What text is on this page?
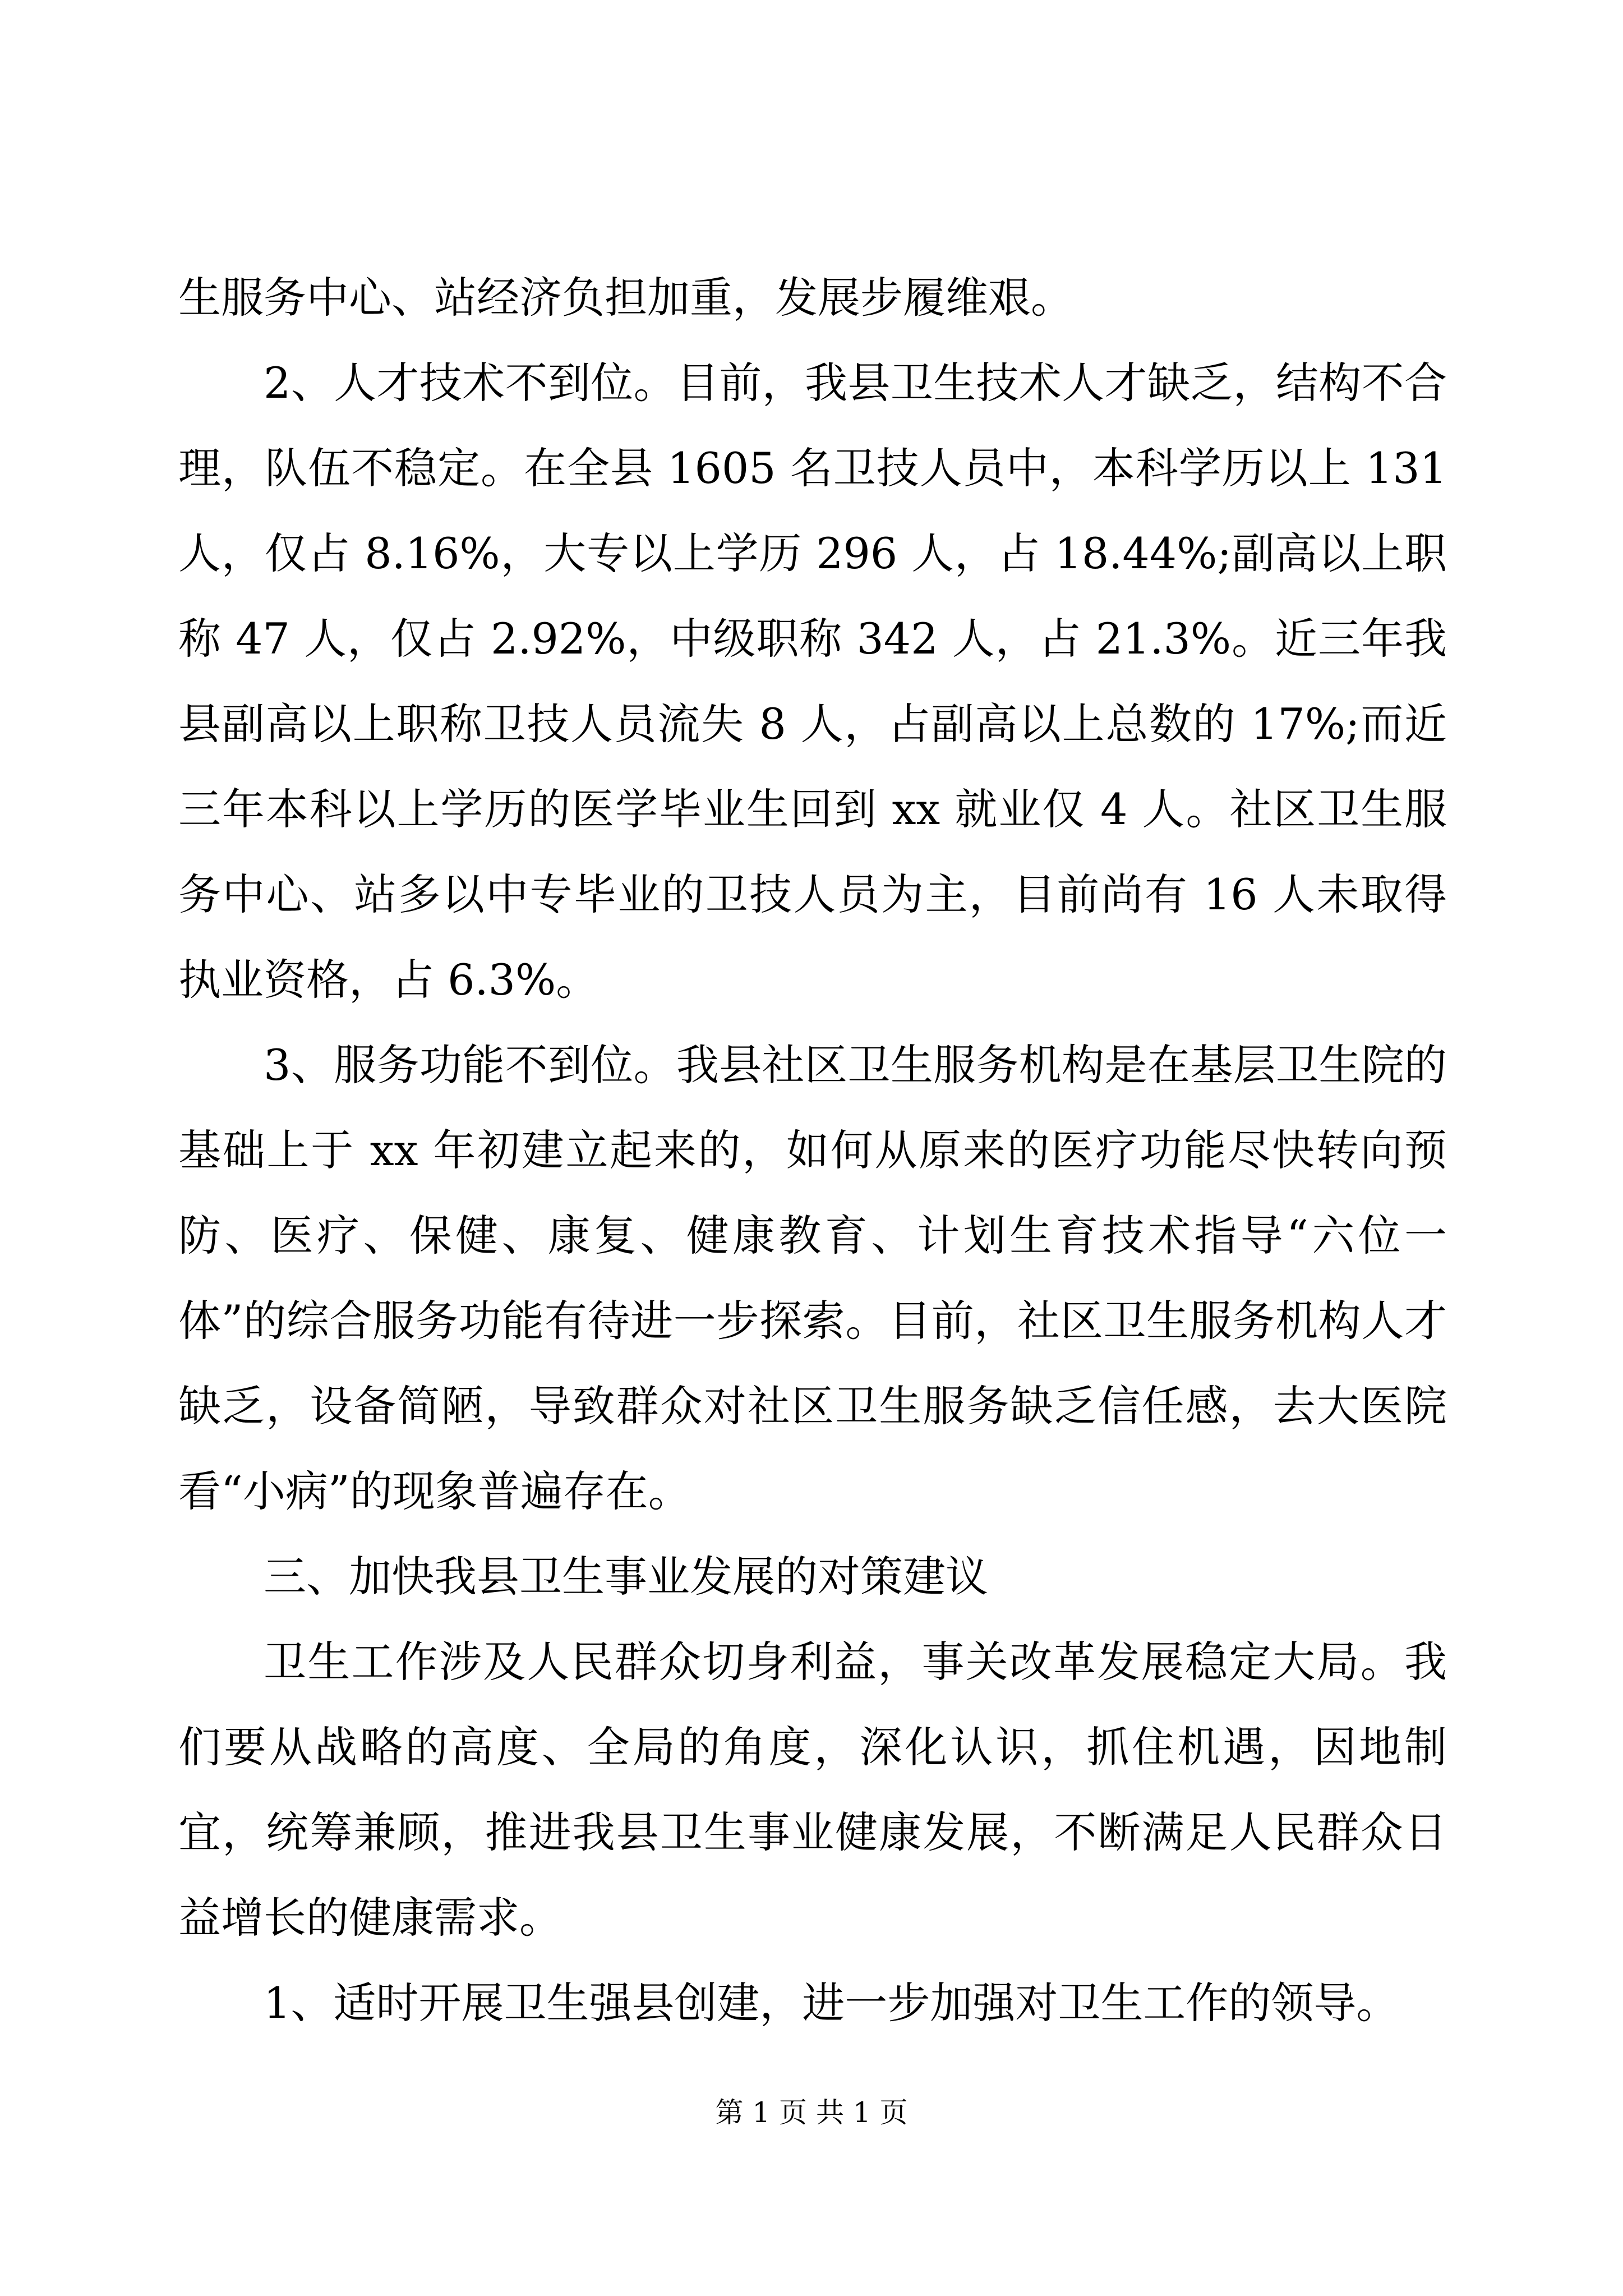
生服务中心、站经济负担加重，发展步履维艰。

2、人才技术不到位。目前，我县卫生技术人才缺乏，结构不合理，队伍不稳定。在全县 1605 名卫技人员中，本科学历以上 131 人，仅占 8.16%，大专以上学历 296 人，占 18.44%;副高以上职称 47 人，仅占 2.92%，中级职称 342 人，占 21.3%。近三年我县副高以上职称卫技人员流失 8 人，占副高以上总数的 17%;而近三年本科以上学历的医学毕业生回到 xx 就业仅 4 人。社区卫生服务中心、站多以中专毕业的卫技人员为主，目前尚有 16 人未取得执业资格，占 6.3%。

3、服务功能不到位。我县社区卫生服务机构是在基层卫生院的基础上于 xx 年初建立起来的，如何从原来的医疗功能尽快转向预防、医疗、保健、康复、健康教育、计划生育技术指导“六位一体”的综合服务功能有待进一步探索。目前，社区卫生服务机构人才缺乏，设备简陋，导致群众对社区卫生服务缺乏信任感，去大医院看“小病”的现象普遍存在。

三、加快我县卫生事业发展的对策建议

卫生工作涉及人民群众切身利益，事关改革发展稳定大局。我们要从战略的高度、全局的角度，深化认识，抓住机遇，因地制宜，统筹兼顾，推进我县卫生事业健康发展，不断满足人民群众日益增长的健康需求。

1、适时开展卫生强县创建，进一步加强对卫生工作的领导。

第 1 页 共 1 页
